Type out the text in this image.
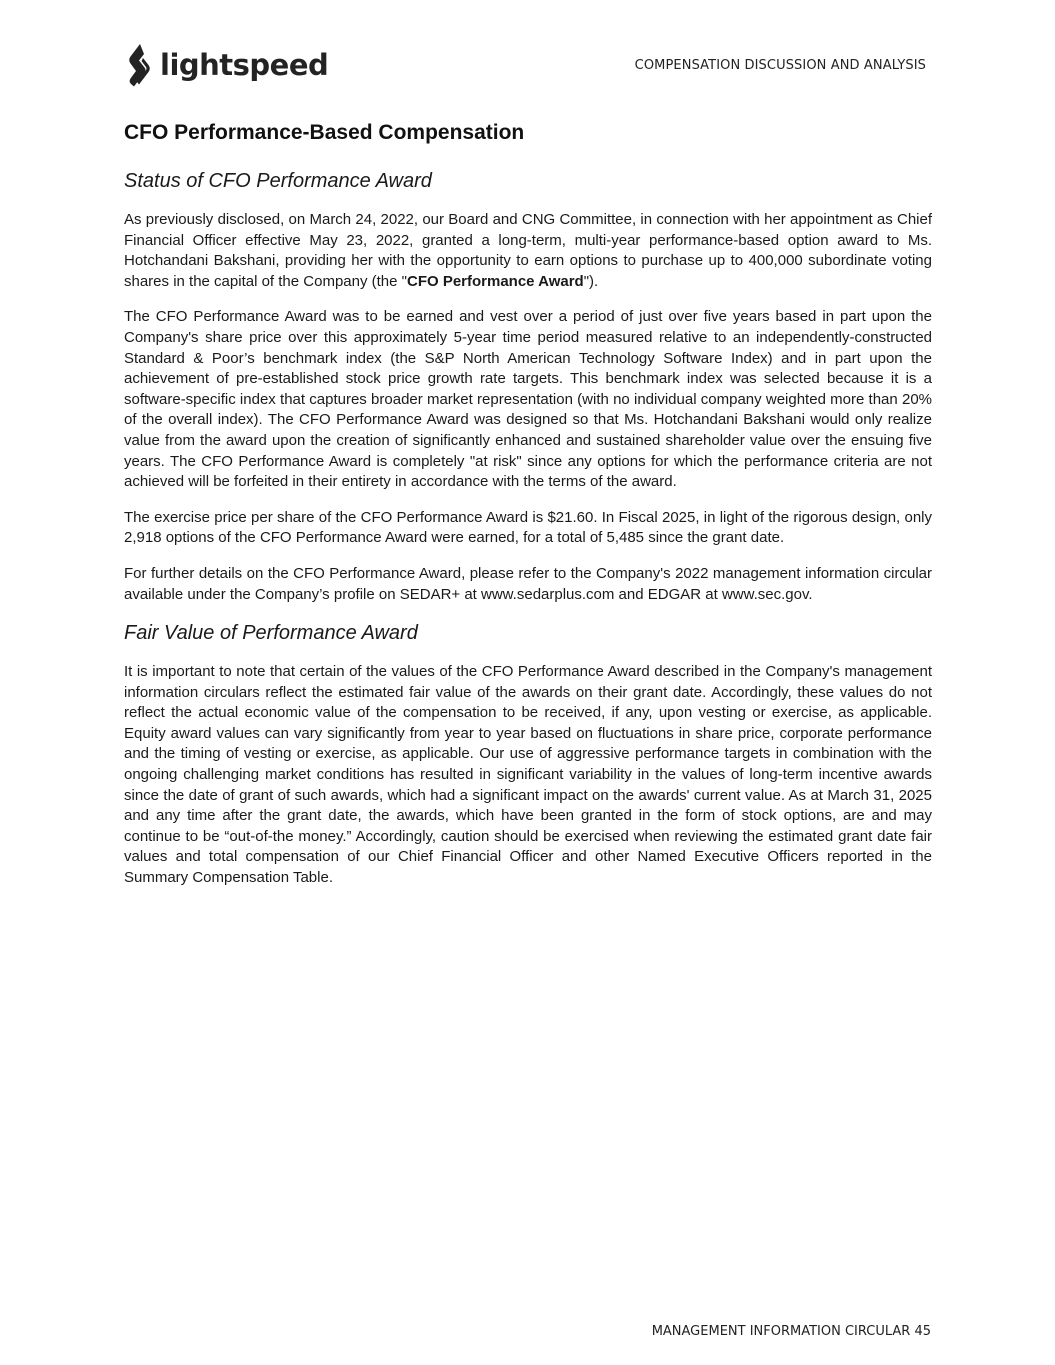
lightspeed	COMPENSATION DISCUSSION AND ANALYSIS
CFO Performance-Based Compensation
Status of CFO Performance Award

As previously disclosed, on March 24, 2022, our Board and CNG Committee, in connection with her appointment as Chief Financial Officer effective May 23, 2022, granted a long-term, multi-year performance-based option award to Ms. Hotchandani Bakshani, providing her with the opportunity to earn options to purchase up to 400,000 subordinate voting shares in the capital of the Company (the "CFO Performance Award").

The CFO Performance Award was to be earned and vest over a period of just over five years based in part upon the Company's share price over this approximately 5-year time period measured relative to an independently-constructed Standard & Poor’s benchmark index (the S&P North American Technology Software Index) and in part upon the achievement of pre-established stock price growth rate targets. This benchmark index was selected because it is a software-specific index that captures broader market representation (with no individual company weighted more than 20% of the overall index). The CFO Performance Award was designed so that Ms. Hotchandani Bakshani would only realize value from the award upon the creation of significantly enhanced and sustained shareholder value over the ensuing five years. The CFO Performance Award is completely "at risk" since any options for which the performance criteria are not achieved will be forfeited in their entirety in accordance with the terms of the award.

The exercise price per share of the CFO Performance Award is $21.60. In Fiscal 2025, in light of the rigorous design, only 2,918 options of the CFO Performance Award were earned, for a total of 5,485 since the grant date.

For further details on the CFO Performance Award, please refer to the Company's 2022 management information circular available under the Company’s profile on SEDAR+ at www.sedarplus.com and EDGAR at www.sec.gov.

Fair Value of Performance Award

It is important to note that certain of the values of the CFO Performance Award described in the Company's management information circulars reflect the estimated fair value of the awards on their grant date. Accordingly, these values do not reflect the actual economic value of the compensation to be received, if any, upon vesting or exercise, as applicable. Equity award values can vary significantly from year to year based on fluctuations in share price, corporate performance and the timing of vesting or exercise, as applicable. Our use of aggressive performance targets in combination with the ongoing challenging market conditions has resulted in significant variability in the values of long-term incentive awards since the date of grant of such awards, which had a significant impact on the awards' current value. As at March 31, 2025 and any time after the grant date, the awards, which have been granted in the form of stock options, are and may continue to be “out-of-the money.” Accordingly, caution should be exercised when reviewing the estimated grant date fair values and total compensation of our Chief Financial Officer and other Named Executive Officers reported in the Summary Compensation Table.

MANAGEMENT INFORMATION CIRCULAR 45
